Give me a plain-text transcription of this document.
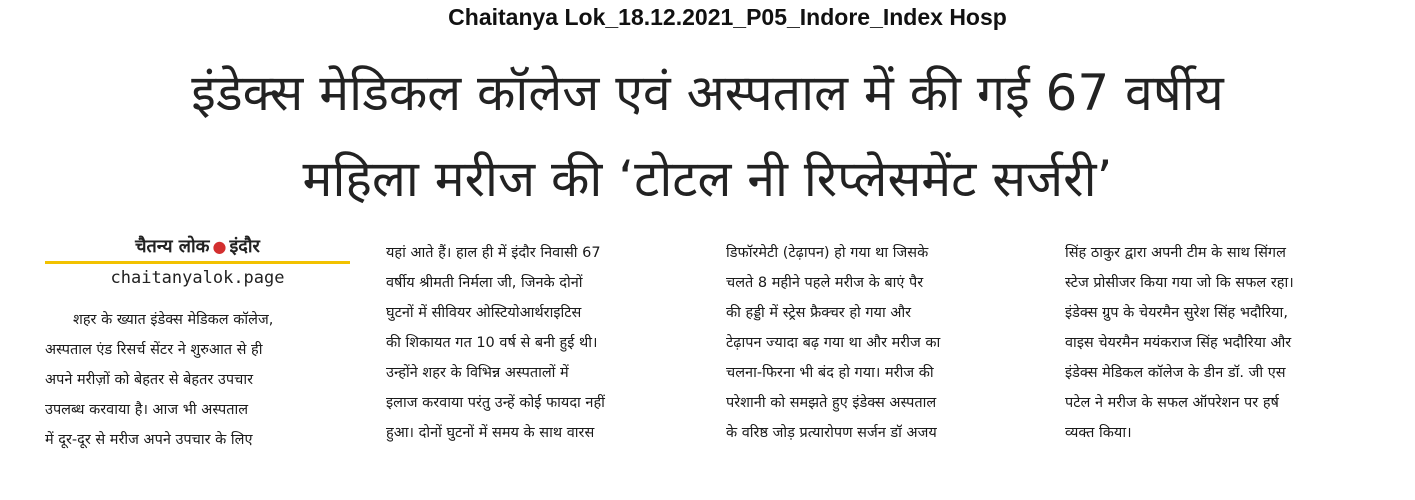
Chaitanya Lok_18.12.2021_P05_Indore_Index Hosp
इंडेक्स मेडिकल कॉलेज एवं अस्पताल में की गई 67 वर्षीय
महिला मरीज की ‘टोटल नी रिप्लेसमेंट सर्जरी’
चैतन्य लोक ● इंदौर
chaitanyalok.page
शहर के ख्यात इंडेक्स मेडिकल कॉलेज,
अस्पताल एंड रिसर्च सेंटर ने शुरुआत से ही
अपने मरीज़ों को बेहतर से बेहतर उपचार
उपलब्ध करवाया है। आज भी अस्पताल
में दूर-दूर से मरीज अपने उपचार के लिए
यहां आते हैं। हाल ही में इंदौर निवासी 67
वर्षीय श्रीमती निर्मला जी, जिनके दोनों
घुटनों में सीवियर ओस्टियोआर्थराइटिस
की शिकायत गत 10 वर्ष से बनी हुई थी।
उन्होंने शहर के विभिन्न अस्पतालों में
इलाज करवाया परंतु उन्हें कोई फायदा नहीं
हुआ। दोनों घुटनों में समय के साथ वारस
डिफॉरमेटी (टेढ़ापन) हो गया था जिसके
चलते 8 महीने पहले मरीज के बाएं पैर
की हड्डी में स्ट्रेस फ्रैक्चर हो गया और
टेढ़ापन ज्यादा बढ़ गया था और मरीज का
चलना-फिरना भी बंद हो गया। मरीज की
परेशानी को समझते हुए इंडेक्स अस्पताल
के वरिष्ठ जोड़ प्रत्यारोपण सर्जन डॉ अजय
सिंह ठाकुर द्वारा अपनी टीम के साथ सिंगल
स्टेज प्रोसीजर किया गया जो कि सफल रहा।
इंडेक्स ग्रुप के चेयरमैन सुरेश सिंह भदौरिया,
वाइस चेयरमैन मयंकराज सिंह भदौरिया और
इंडेक्स मेडिकल कॉलेज के डीन डॉ. जी एस
पटेल ने मरीज के सफल ऑपरेशन पर हर्ष
व्यक्त किया।
